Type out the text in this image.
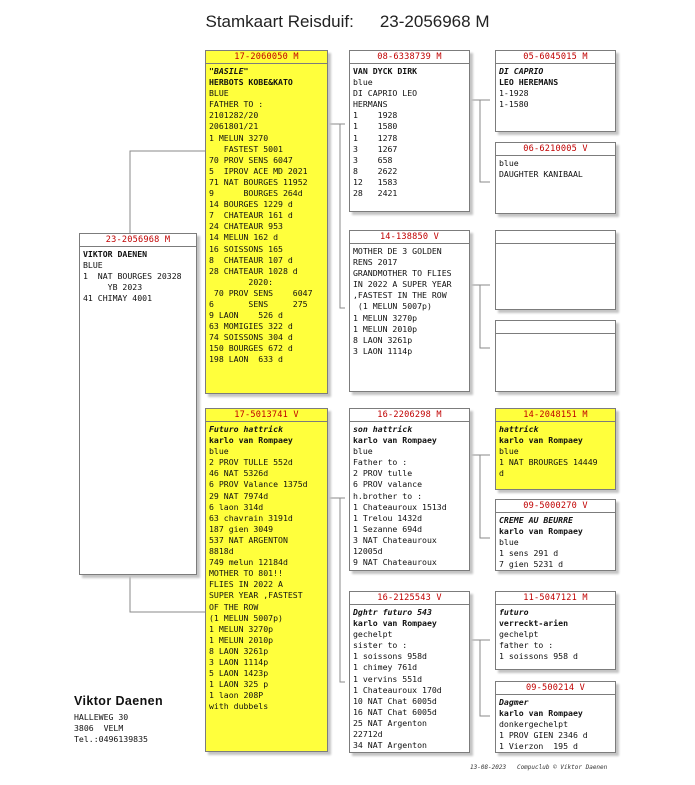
Stamkaart Reisduif: 23-2056968 M
23-2056968 M
VIKTOR DAENEN
BLUE
1  NAT BOURGES 20328
YB 2023
41 CHIMAY 4001
17-2060050 M
"BASILE"
HERBOTS KOBE&KATO
BLUE
FATHER TO :
2101282/20
2061801/21
1 MELUN 3270
FASTEST 5001
70 PROV SENS 6047
5  IPROV ACE MD 2021
71 NAT BOURGES 11952
9      BOURGES 264d
14 BOURGES 1229 d
7  CHATEAUR 161 d
24 CHATEAUR 953
14 MELUN 162 d
16 SOISSONS 165
8  CHATEAUR 107 d
28 CHATEAUR 1028 d
2020:
70 PROV SENS    6047
6       SENS     275
9 LAON    526 d
63 MOMIGIES 322 d
74 SOISSONS 304 d
150 BOURGES 672 d
198 LAON  633 d
17-5013741 V
Futuro hattrick
karlo van Rompaey
blue
2 PROV TULLE 552d
46 NAT 5326d
6 PROV Valance 1375d
29 NAT 7974d
6 laon 314d
63 chavrain 3191d
187 gien 3049
537 NAT ARGENTON
8818d
749 melun 12184d
MOTHER TO 801!!
FLIES IN 2022 A
SUPER YEAR ,FASTEST
OF THE ROW
(1 MELUN 5007p)
1 MELUN 3270p
1 MELUN 2010p
8 LAON 3261p
3 LAON 1114p
5 LAON 1423p
1 LAON 325 p
1 laon 208P
with dubbels
08-6338739 M
VAN DYCK DIRK
blue
DI CAPRIO LEO
HERMANS
1    1928
1    1580
1    1278
3    1267
3    658
8    2622
12   1583
28   2421
14-138850 V
MOTHER DE 3 GOLDEN
RENS 2017
GRANDMOTHER TO FLIES
IN 2022 A SUPER YEAR
,FASTEST IN THE ROW
(1 MELUN 5007p)
1 MELUN 3270p
1 MELUN 2010p
8 LAON 3261p
3 LAON 1114p
16-2206298 M
son hattrick
karlo van Rompaey
blue
Father to :
2 PROV tulle
6 PROV valance
h.brother to :
1 Chateauroux 1513d
1 Trelou 1432d
1 Sezanne 694d
3 NAT Chateauroux
12005d
9 NAT Chateauroux
16-2125543 V
Dghtr futuro 543
karlo van Rompaey
gechelpt
sister to :
1 soissons 958d
1 chimey 761d
1 vervins 551d
1 Chateauroux 170d
10 NAT Chat 6005d
16 NAT Chat 6005d
25 NAT Argenton
22712d
34 NAT Argenton
05-6045015 M
DI CAPRIO
LEO HEREMANS
1-1928
1-1580
06-6210005 V
blue
DAUGHTER KANIBAAL
14-2048151 M
hattrick
karlo van Rompaey
blue
1 NAT BROURGES 14449
d
09-5000270 V
CREME AU BEURRE
karlo van Rompaey
blue
1 sens 291 d
7 gien 5231 d
11-5047121 M
futuro
verreckt-arien
gechelpt
father to :
1 soissons 958 d
09-500214 V
Dagmer
karlo van Rompaey
donkergechelpt
1 PROV GIEN 2346 d
1 Vierzon  195 d
Viktor Daenen
HALLEWEG 30
3806  VELM
Tel.:0496139835
13-08-2023   Compuclub © Viktor Daenen
